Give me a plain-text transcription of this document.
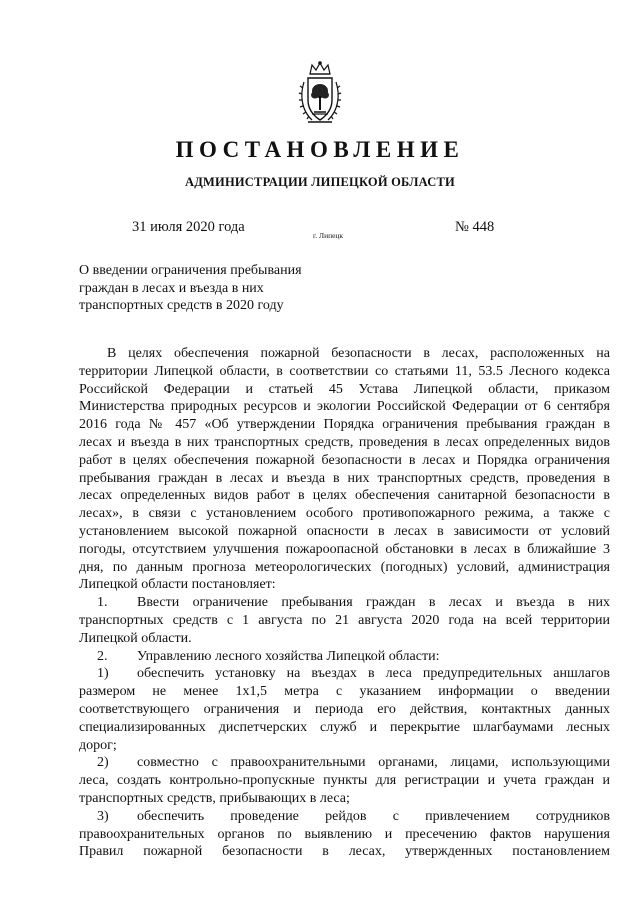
ПОСТАНОВЛЕНИЕ
АДМИНИСТРАЦИИ ЛИПЕЦКОЙ ОБЛАСТИ
31 июля 2020 года
г. Липецк
№ 448
О введении ограничения пребывания
граждан в лесах и въезда в них
транспортных средств в 2020 году

В целях обеспечения пожарной безопасности в лесах, расположенных на

территории Липецкой области, в соответствии со статьями 11, 53.5 Лесного кодекса

Российской Федерации и статьей 45 Устава Липецкой области, приказом

Министерства природных ресурсов и экологии Российской Федерации от 6 сентября

2016 года № 457 «Об утверждении Порядка ограничения пребывания граждан в

лесах и въезда в них транспортных средств, проведения в лесах определенных видов

работ в целях обеспечения пожарной безопасности в лесах и Порядка ограничения

пребывания граждан в лесах и въезда в них транспортных средств, проведения в

лесах определенных видов работ в целях обеспечения санитарной безопасности в

лесах», в связи с установлением особого противопожарного режима, а также с

установлением высокой пожарной опасности в лесах в зависимости от условий

погоды, отсутствием улучшения пожароопасной обстановки в лесах в ближайшие 3

дня, по данным прогноза метеорологических (погодных) условий, администрация

Липецкой области постановляет:

1.	Ввести ограничение пребывания граждан в лесах и въезда в них

транспортных средств с 1 августа по 21 августа 2020 года на всей территории

Липецкой области.

2.	Управлению лесного хозяйства Липецкой области:

1)	обеспечить установку на въездах в леса предупредительных аншлагов

размером не менее 1х1,5 метра с указанием информации о введении

соответствующего ограничения и периода его действия, контактных данных

специализированных диспетчерских служб и перекрытие шлагбаумами лесных

дорог;

2)	совместно с правоохранительными органами, лицами, использующими

леса, создать контрольно-пропускные пункты для регистрации и учета граждан и

транспортных средств, прибывающих в леса;

3)	обеспечить проведение рейдов с привлечением сотрудников

правоохранительных органов по выявлению и пресечению фактов нарушения

Правил пожарной безопасности в лесах, утвержденных постановлением
